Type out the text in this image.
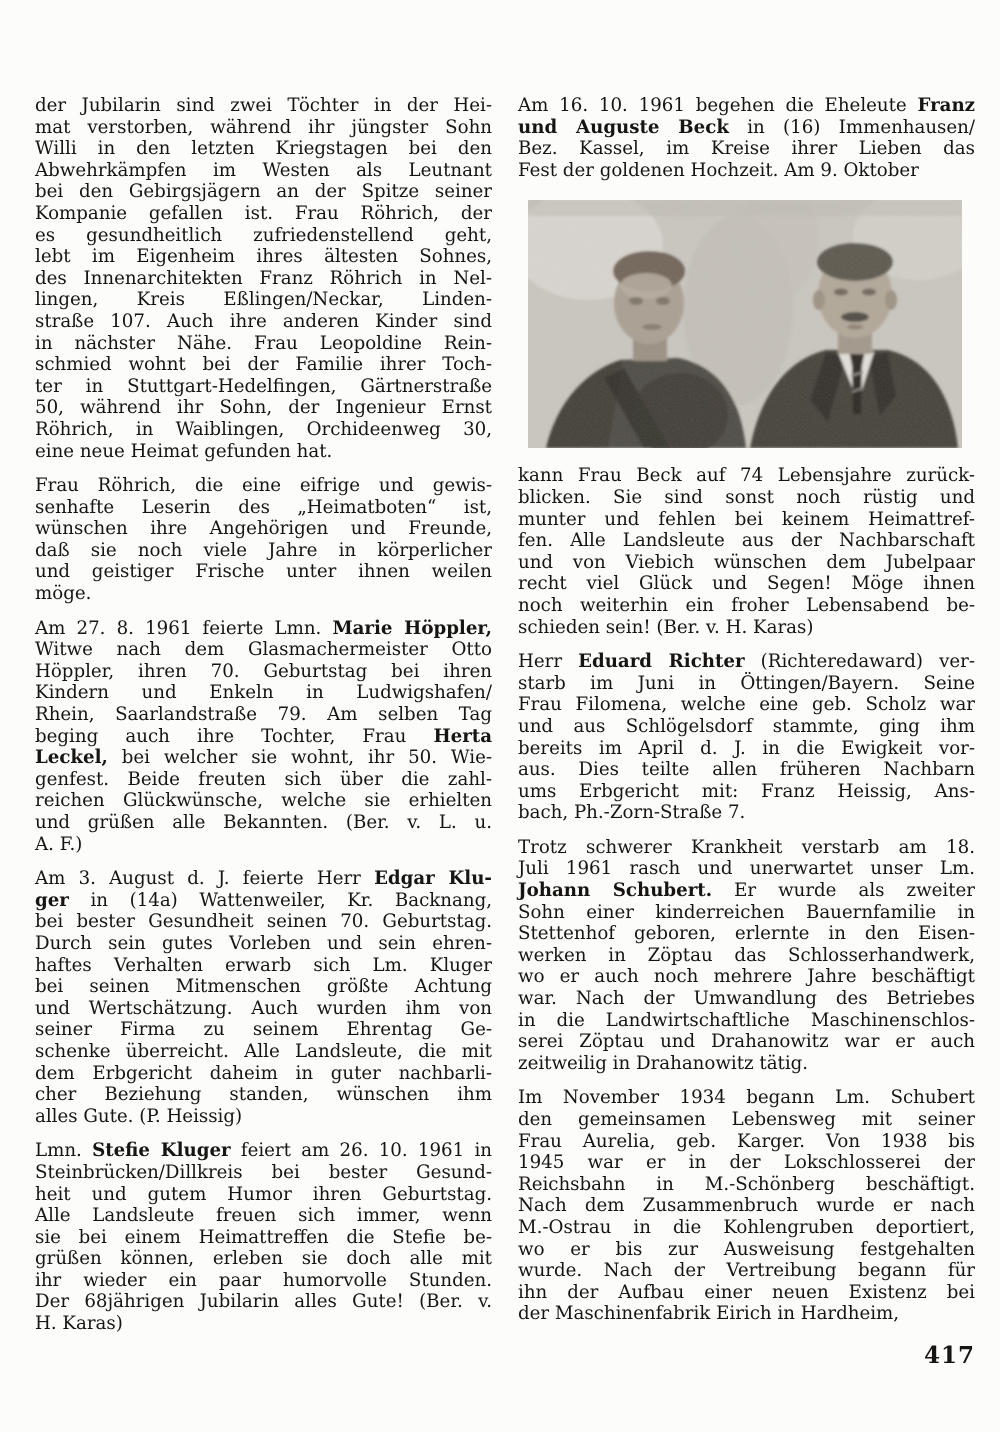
der Jubilarin sind zwei Töchter in der Hei-
mat verstorben, während ihr jüngster Sohn
Willi in den letzten Kriegstagen bei den
Abwehrkämpfen im Westen als Leutnant
bei den Gebirgsjägern an der Spitze seiner
Kompanie gefallen ist. Frau Röhrich, der
es gesundheitlich zufriedenstellend geht,
lebt im Eigenheim ihres ältesten Sohnes,
des Innenarchitekten Franz Röhrich in Nel-
lingen, Kreis Eßlingen/Neckar, Linden-
straße 107. Auch ihre anderen Kinder sind
in nächster Nähe. Frau Leopoldine Rein-
schmied wohnt bei der Familie ihrer Toch-
ter in Stuttgart-Hedelfingen, Gärtnerstraße
50, während ihr Sohn, der Ingenieur Ernst
Röhrich, in Waiblingen, Orchideenweg 30,
eine neue Heimat gefunden hat.
Frau Röhrich, die eine eifrige und gewis-
senhafte Leserin des „Heimatboten“ ist,
wünschen ihre Angehörigen und Freunde,
daß sie noch viele Jahre in körperlicher
und geistiger Frische unter ihnen weilen
möge.
Am 27. 8. 1961 feierte Lmn. Marie Höppler,
Witwe nach dem Glasmachermeister Otto
Höppler, ihren 70. Geburtstag bei ihren
Kindern und Enkeln in Ludwigshafen/
Rhein, Saarlandstraße 79. Am selben Tag
beging auch ihre Tochter, Frau Herta
Leckel, bei welcher sie wohnt, ihr 50. Wie-
genfest. Beide freuten sich über die zahl-
reichen Glückwünsche, welche sie erhielten
und grüßen alle Bekannten. (Ber. v. L. u.
A. F.)
Am 3. August d. J. feierte Herr Edgar Klu-
ger in (14a) Wattenweiler, Kr. Backnang,
bei bester Gesundheit seinen 70. Geburtstag.
Durch sein gutes Vorleben und sein ehren-
haftes Verhalten erwarb sich Lm. Kluger
bei seinen Mitmenschen größte Achtung
und Wertschätzung. Auch wurden ihm von
seiner Firma zu seinem Ehrentag Ge-
schenke überreicht. Alle Landsleute, die mit
dem Erbgericht daheim in guter nachbarli-
cher Beziehung standen, wünschen ihm
alles Gute. (P. Heissig)
Lmn. Stefie Kluger feiert am 26. 10. 1961 in
Steinbrücken/Dillkreis bei bester Gesund-
heit und gutem Humor ihren Geburtstag.
Alle Landsleute freuen sich immer, wenn
sie bei einem Heimattreffen die Stefie be-
grüßen können, erleben sie doch alle mit
ihr wieder ein paar humorvolle Stunden.
Der 68jährigen Jubilarin alles Gute! (Ber. v.
H. Karas)
Am 16. 10. 1961 begehen die Eheleute Franz
und Auguste Beck in (16) Immenhausen/
Bez. Kassel, im Kreise ihrer Lieben das
Fest der goldenen Hochzeit. Am 9. Oktober
kann Frau Beck auf 74 Lebensjahre zurück-
blicken. Sie sind sonst noch rüstig und
munter und fehlen bei keinem Heimattref-
fen. Alle Landsleute aus der Nachbarschaft
und von Viebich wünschen dem Jubelpaar
recht viel Glück und Segen! Möge ihnen
noch weiterhin ein froher Lebensabend be-
schieden sein! (Ber. v. H. Karas)
Herr Eduard Richter (Richteredaward) ver-
starb im Juni in Öttingen/Bayern. Seine
Frau Filomena, welche eine geb. Scholz war
und aus Schlögelsdorf stammte, ging ihm
bereits im April d. J. in die Ewigkeit vor-
aus. Dies teilte allen früheren Nachbarn
ums Erbgericht mit: Franz Heissig, Ans-
bach, Ph.-Zorn-Straße 7.
Trotz schwerer Krankheit verstarb am 18.
Juli 1961 rasch und unerwartet unser Lm.
Johann Schubert. Er wurde als zweiter
Sohn einer kinderreichen Bauernfamilie in
Stettenhof geboren, erlernte in den Eisen-
werken in Zöptau das Schlosserhandwerk,
wo er auch noch mehrere Jahre beschäftigt
war. Nach der Umwandlung des Betriebes
in die Landwirtschaftliche Maschinenschlos-
serei Zöptau und Drahanowitz war er auch
zeitweilig in Drahanowitz tätig.
Im November 1934 begann Lm. Schubert
den gemeinsamen Lebensweg mit seiner
Frau Aurelia, geb. Karger. Von 1938 bis
1945 war er in der Lokschlosserei der
Reichsbahn in M.-Schönberg beschäftigt.
Nach dem Zusammenbruch wurde er nach
M.-Ostrau in die Kohlengruben deportiert,
wo er bis zur Ausweisung festgehalten
wurde. Nach der Vertreibung begann für
ihn der Aufbau einer neuen Existenz bei
der Maschinenfabrik Eirich in Hardheim,
417
